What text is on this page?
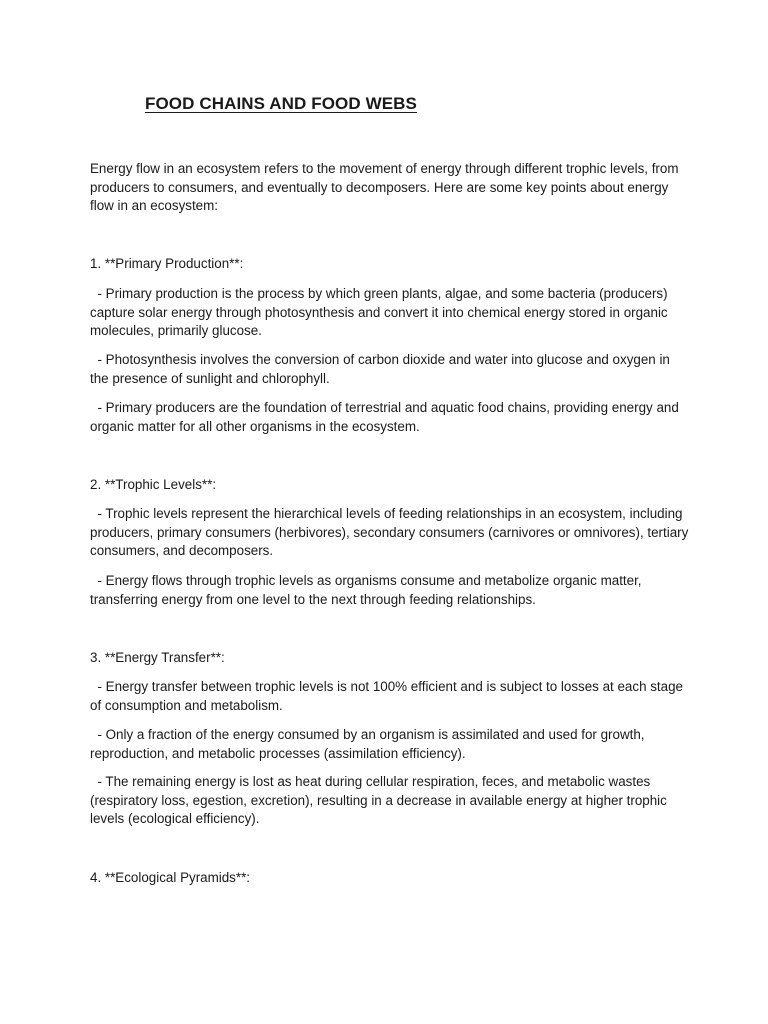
FOOD CHAINS AND FOOD WEBS

Energy flow in an ecosystem refers to the movement of energy through different trophic levels, from producers to consumers, and eventually to decomposers. Here are some key points about energy flow in an ecosystem:

1. **Primary Production**:

- Primary production is the process by which green plants, algae, and some bacteria (producers) capture solar energy through photosynthesis and convert it into chemical energy stored in organic molecules, primarily glucose.

- Photosynthesis involves the conversion of carbon dioxide and water into glucose and oxygen in the presence of sunlight and chlorophyll.

- Primary producers are the foundation of terrestrial and aquatic food chains, providing energy and organic matter for all other organisms in the ecosystem.

2. **Trophic Levels**:

- Trophic levels represent the hierarchical levels of feeding relationships in an ecosystem, including producers, primary consumers (herbivores), secondary consumers (carnivores or omnivores), tertiary consumers, and decomposers.

- Energy flows through trophic levels as organisms consume and metabolize organic matter, transferring energy from one level to the next through feeding relationships.

3. **Energy Transfer**:

- Energy transfer between trophic levels is not 100% efficient and is subject to losses at each stage of consumption and metabolism.

- Only a fraction of the energy consumed by an organism is assimilated and used for growth, reproduction, and metabolic processes (assimilation efficiency).

- The remaining energy is lost as heat during cellular respiration, feces, and metabolic wastes (respiratory loss, egestion, excretion), resulting in a decrease in available energy at higher trophic levels (ecological efficiency).

4. **Ecological Pyramids**:
